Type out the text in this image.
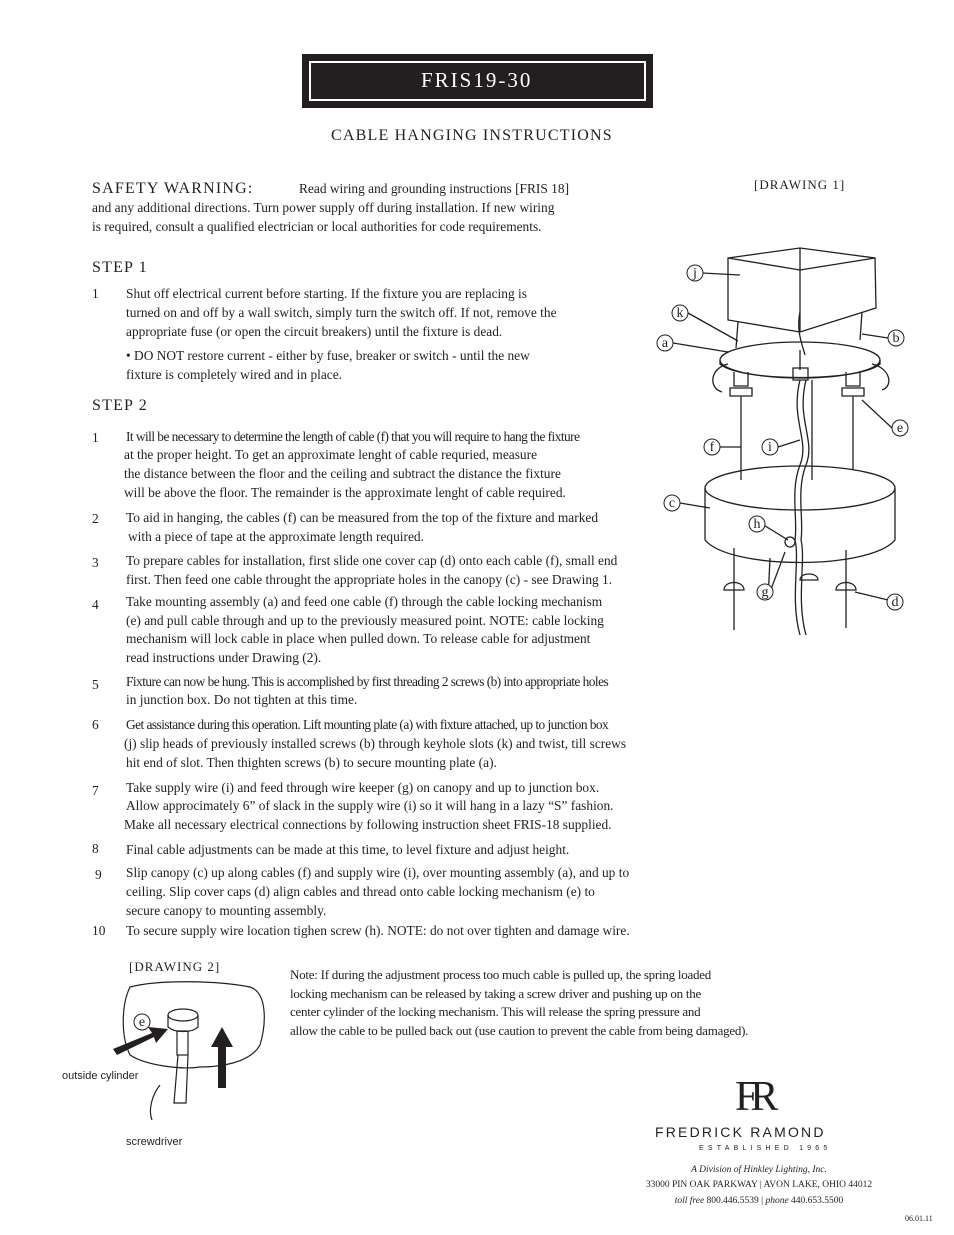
FRIS19-30
CABLE HANGING INSTRUCTIONS
SAFETY WARNING:	Read wiring and grounding instructions [FRIS 18]
and any additional directions. Turn power supply off during installation. If new wiring
is required, consult a qualified electrician or local authorities for code requirements.
[DRAWING 1]
STEP 1
1 Shut off electrical current before starting. If the fixture you are replacing is
turned on and off by a wall switch, simply turn the switch off. If not, remove the
appropriate fuse (or open the circuit breakers) until the fixture is dead.
• DO NOT restore current - either by fuse, breaker or switch - until the new
fixture is completely wired and in place.
STEP 2
1 It will be necessary to determine the length of cable (f) that you will require to hang the fixture
at the proper height. To get an approximate lenght of cable requried, measure
the distance between the floor and the ceiling and subtract the distance the fixture
will be above the floor. The remainder is the approximate lenght of cable required.
2 To aid in hanging, the cables (f) can be measured from the top of the fixture and marked
with a piece of tape at the approximate length required.
3 To prepare cables for installation, first slide one cover cap (d) onto each cable (f), small end
first. Then feed one cable throught the appropriate holes in the canopy (c) - see Drawing 1.
4 Take mounting assembly (a) and feed one cable (f) through the cable locking mechanism
(e) and pull cable through and up to the previously measured point. NOTE: cable locking
mechanism will lock cable in place when pulled down. To release cable for adjustment
read instructions under Drawing (2).
5 Fixture can now be hung. This is accomplished by first threading 2 screws (b) into appropriate holes
in junction box. Do not tighten at this time.
6 Get assistance during this operation. Lift mounting plate (a) with fixture attached, up to junction box
(j) slip heads of previously installed screws (b) through keyhole slots (k) and twist, till screws
hit end of slot. Then thighten screws (b) to secure mounting plate (a).
7 Take supply wire (i) and feed through wire keeper (g) on canopy and up to junction box.
Allow approcimately 6” of slack in the supply wire (i) so it will hang in a lazy “S” fashion.
Make all necessary electrical connections by following instruction sheet FRIS-18 supplied.
8 Final cable adjustments can be made at this time, to level fixture and adjust height.
9 Slip canopy (c) up along cables (f) and supply wire (i), over mounting assembly (a), and up to
ceiling. Slip cover caps (d) align cables and thread onto cable locking mechanism (e) to
secure canopy to mounting assembly.
10 To secure supply wire location tighen screw (h). NOTE: do not over tighten and damage wire.
[DRAWING 2]
Note: If during the adjustment process too much cable is pulled up, the spring loaded
locking mechanism can be released by taking a screw driver and pushing up on the
center cylinder of the locking mechanism. This will release the spring pressure and
allow the cable to be pulled back out (use caution to prevent the cable from being damaged).
j
k
a	b
e
f	i
c
h
g
d
e
outside cylinder
screwdriver
FR
FREDRICK RAMOND
ESTABLISHED 1965
A Division of Hinkley Lighting, Inc.
33000 PIN OAK PARKWAY | AVON LAKE, OHIO 44012
toll free 800.446.5539 | phone 440.653.5500
06.01.11
